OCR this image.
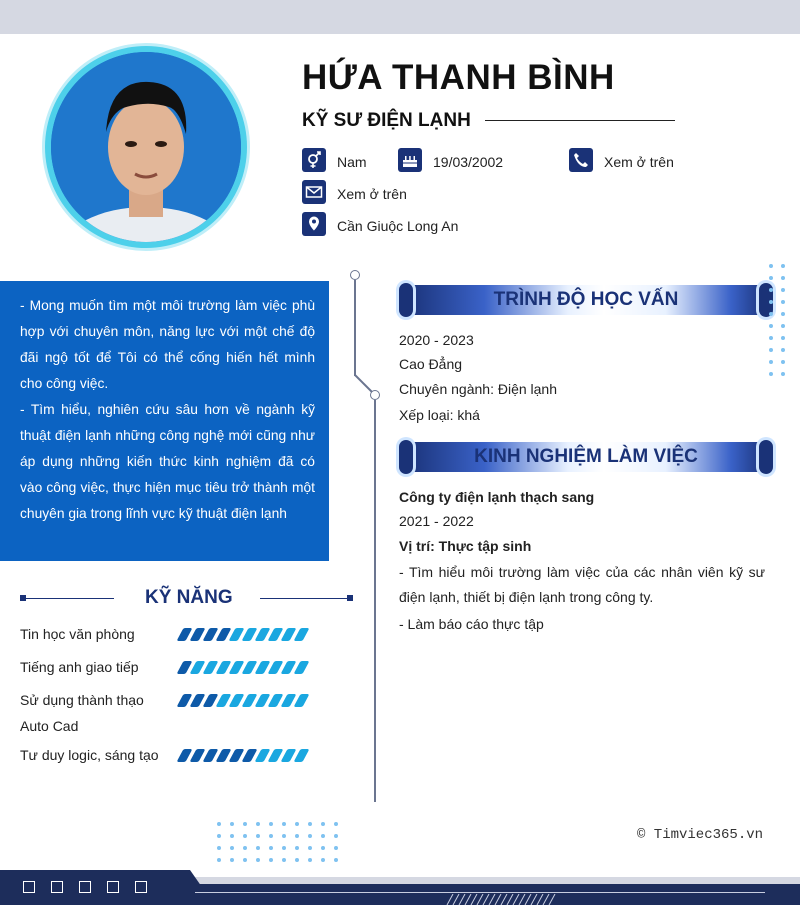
HỨA THANH BÌNH
KỸ SƯ ĐIỆN LẠNH
Nam	19/03/2002	Xem ở trên
Xem ở trên
Cần Giuộc Long An

- Mong muốn tìm một môi trường làm việc phù hợp với chuyên môn, năng lực với một chế độ đãi ngộ tốt để Tôi có thể cống hiến hết mình cho công việc.

- Tìm hiểu, nghiên cứu sâu hơn về ngành kỹ thuật điện lạnh những công nghệ mới cũng như áp dụng những kiến thức kinh nghiệm đã có vào công việc, thực hiện mục tiêu trở thành một chuyên gia trong lĩnh vực kỹ thuật điện lạnh

KỸ NĂNG
Tin học văn phòng
Tiếng anh giao tiếp
Sử dụng thành thạo Auto Cad
Tư duy logic, sáng tạo
TRÌNH ĐỘ HỌC VẤN
2020 - 2023
Cao Đẳng
Chuyên ngành: Điện lạnh
Xếp loại: khá
KINH NGHIỆM LÀM VIỆC
Công ty điện lạnh thạch sang
2021 - 2022
Vị trí: Thực tập sinh
- Tìm hiểu môi trường làm việc của các nhân viên kỹ sư điện lạnh, thiết bị điện lạnh trong công ty.
- Làm báo cáo thực tập
© Timviec365.vn
